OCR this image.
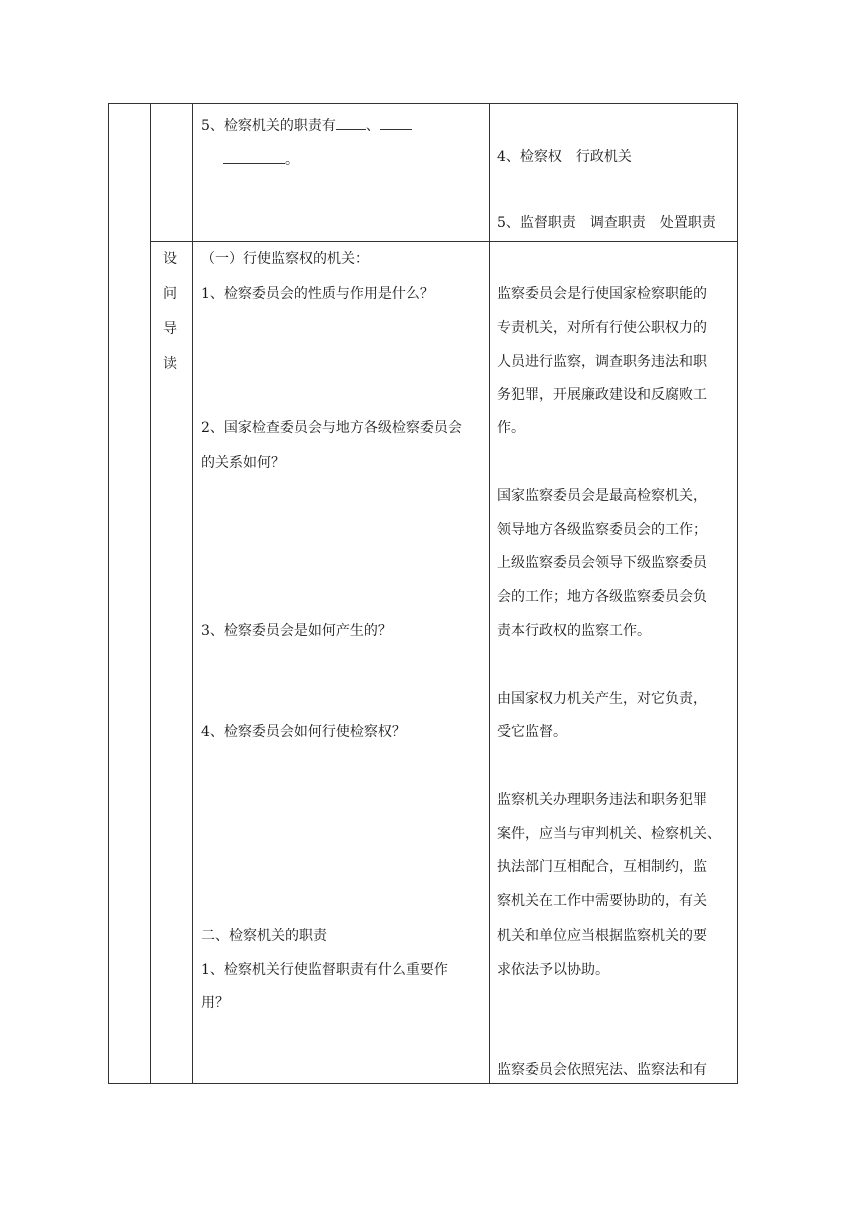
5、检察机关的职责有 、
。	4、检察权　行政机关
5、监督职责　调查职责　处置职责
设
问
导
读
（一）行使监察权的机关：
1、检察委员会的性质与作用是什么？
2、国家检查委员会与地方各级检察委员会
的关系如何？
3、检察委员会是如何产生的？
4、检察委员会如何行使检察权？
二、检察机关的职责
1、检察机关行使监督职责有什么重要作
用？
监察委员会是行使国家检察职能的
专责机关，对所有行使公职权力的
人员进行监察，调查职务违法和职
务犯罪，开展廉政建设和反腐败工
作。
国家监察委员会是最高检察机关，
领导地方各级监察委员会的工作；
上级监察委员会领导下级监察委员
会的工作；地方各级监察委员会负
责本行政权的监察工作。
由国家权力机关产生，对它负责，
受它监督。
监察机关办理职务违法和职务犯罪
案件，应当与审判机关、检察机关、
执法部门互相配合，互相制约，监
察机关在工作中需要协助的，有关
机关和单位应当根据监察机关的要
求依法予以协助。
监察委员会依照宪法、监察法和有
